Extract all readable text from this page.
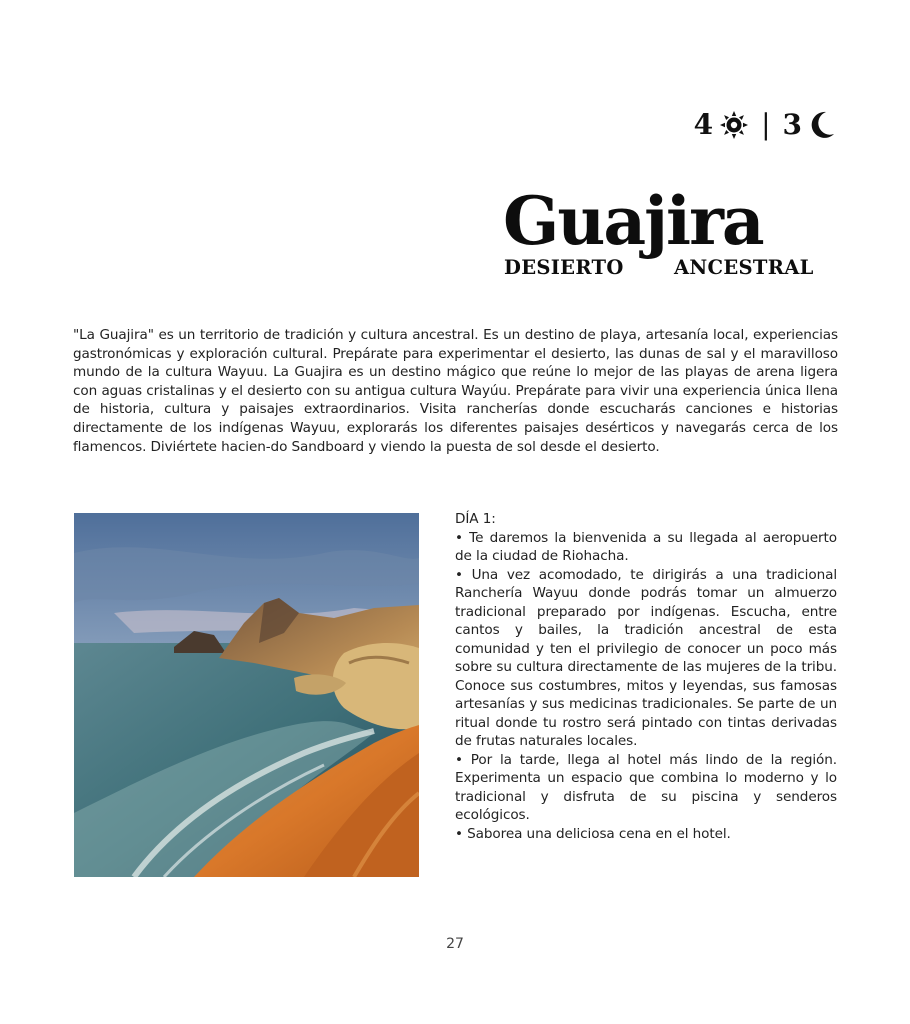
4 | 3
Guajira
DESIERTO	ANCESTRAL

"La Guajira" es un territorio de tradición y cultura ancestral. Es un destino de playa, artesanía local, experiencias gastronómicas y exploración cultural. Prepárate para experimentar el desierto, las dunas de sal y el maravilloso mundo de la cultura Wayuu. La Guajira es un destino mágico que reúne lo mejor de las playas de arena ligera con aguas cristalinas y el desierto con su antigua cultura Wayúu. Prepárate para vivir una experiencia única llena de historia, cultura y paisajes extraordinarios. Visita rancherías donde escucharás canciones e historias directamente de los indígenas Wayuu, explorarás los diferentes paisajes desérticos y navegarás cerca de los flamencos. Diviértete hacien-do Sandboard y viendo la puesta de sol desde el desierto.

DÍA 1:

• Te daremos la bienvenida a su llegada al aeropuerto de la ciudad de Riohacha.

• Una vez acomodado, te dirigirás a una tradicional Ranchería Wayuu donde podrás tomar un almuerzo tradicional preparado por indígenas. Escucha, entre cantos y bailes, la tradición ancestral de esta comunidad y ten el privilegio de conocer un poco más sobre su cultura directamente de las mujeres de la tribu. Conoce sus costumbres, mitos y leyendas, sus famosas artesanías y sus medicinas tradicionales. Se parte de un ritual donde tu rostro será pintado con tintas derivadas de frutas naturales locales.

• Por la tarde, llega al hotel más lindo de la región. Experimenta un espacio que combina lo moderno y lo tradicional y disfruta de su piscina y senderos ecológicos.

• Saborea una deliciosa cena en el hotel.

27
